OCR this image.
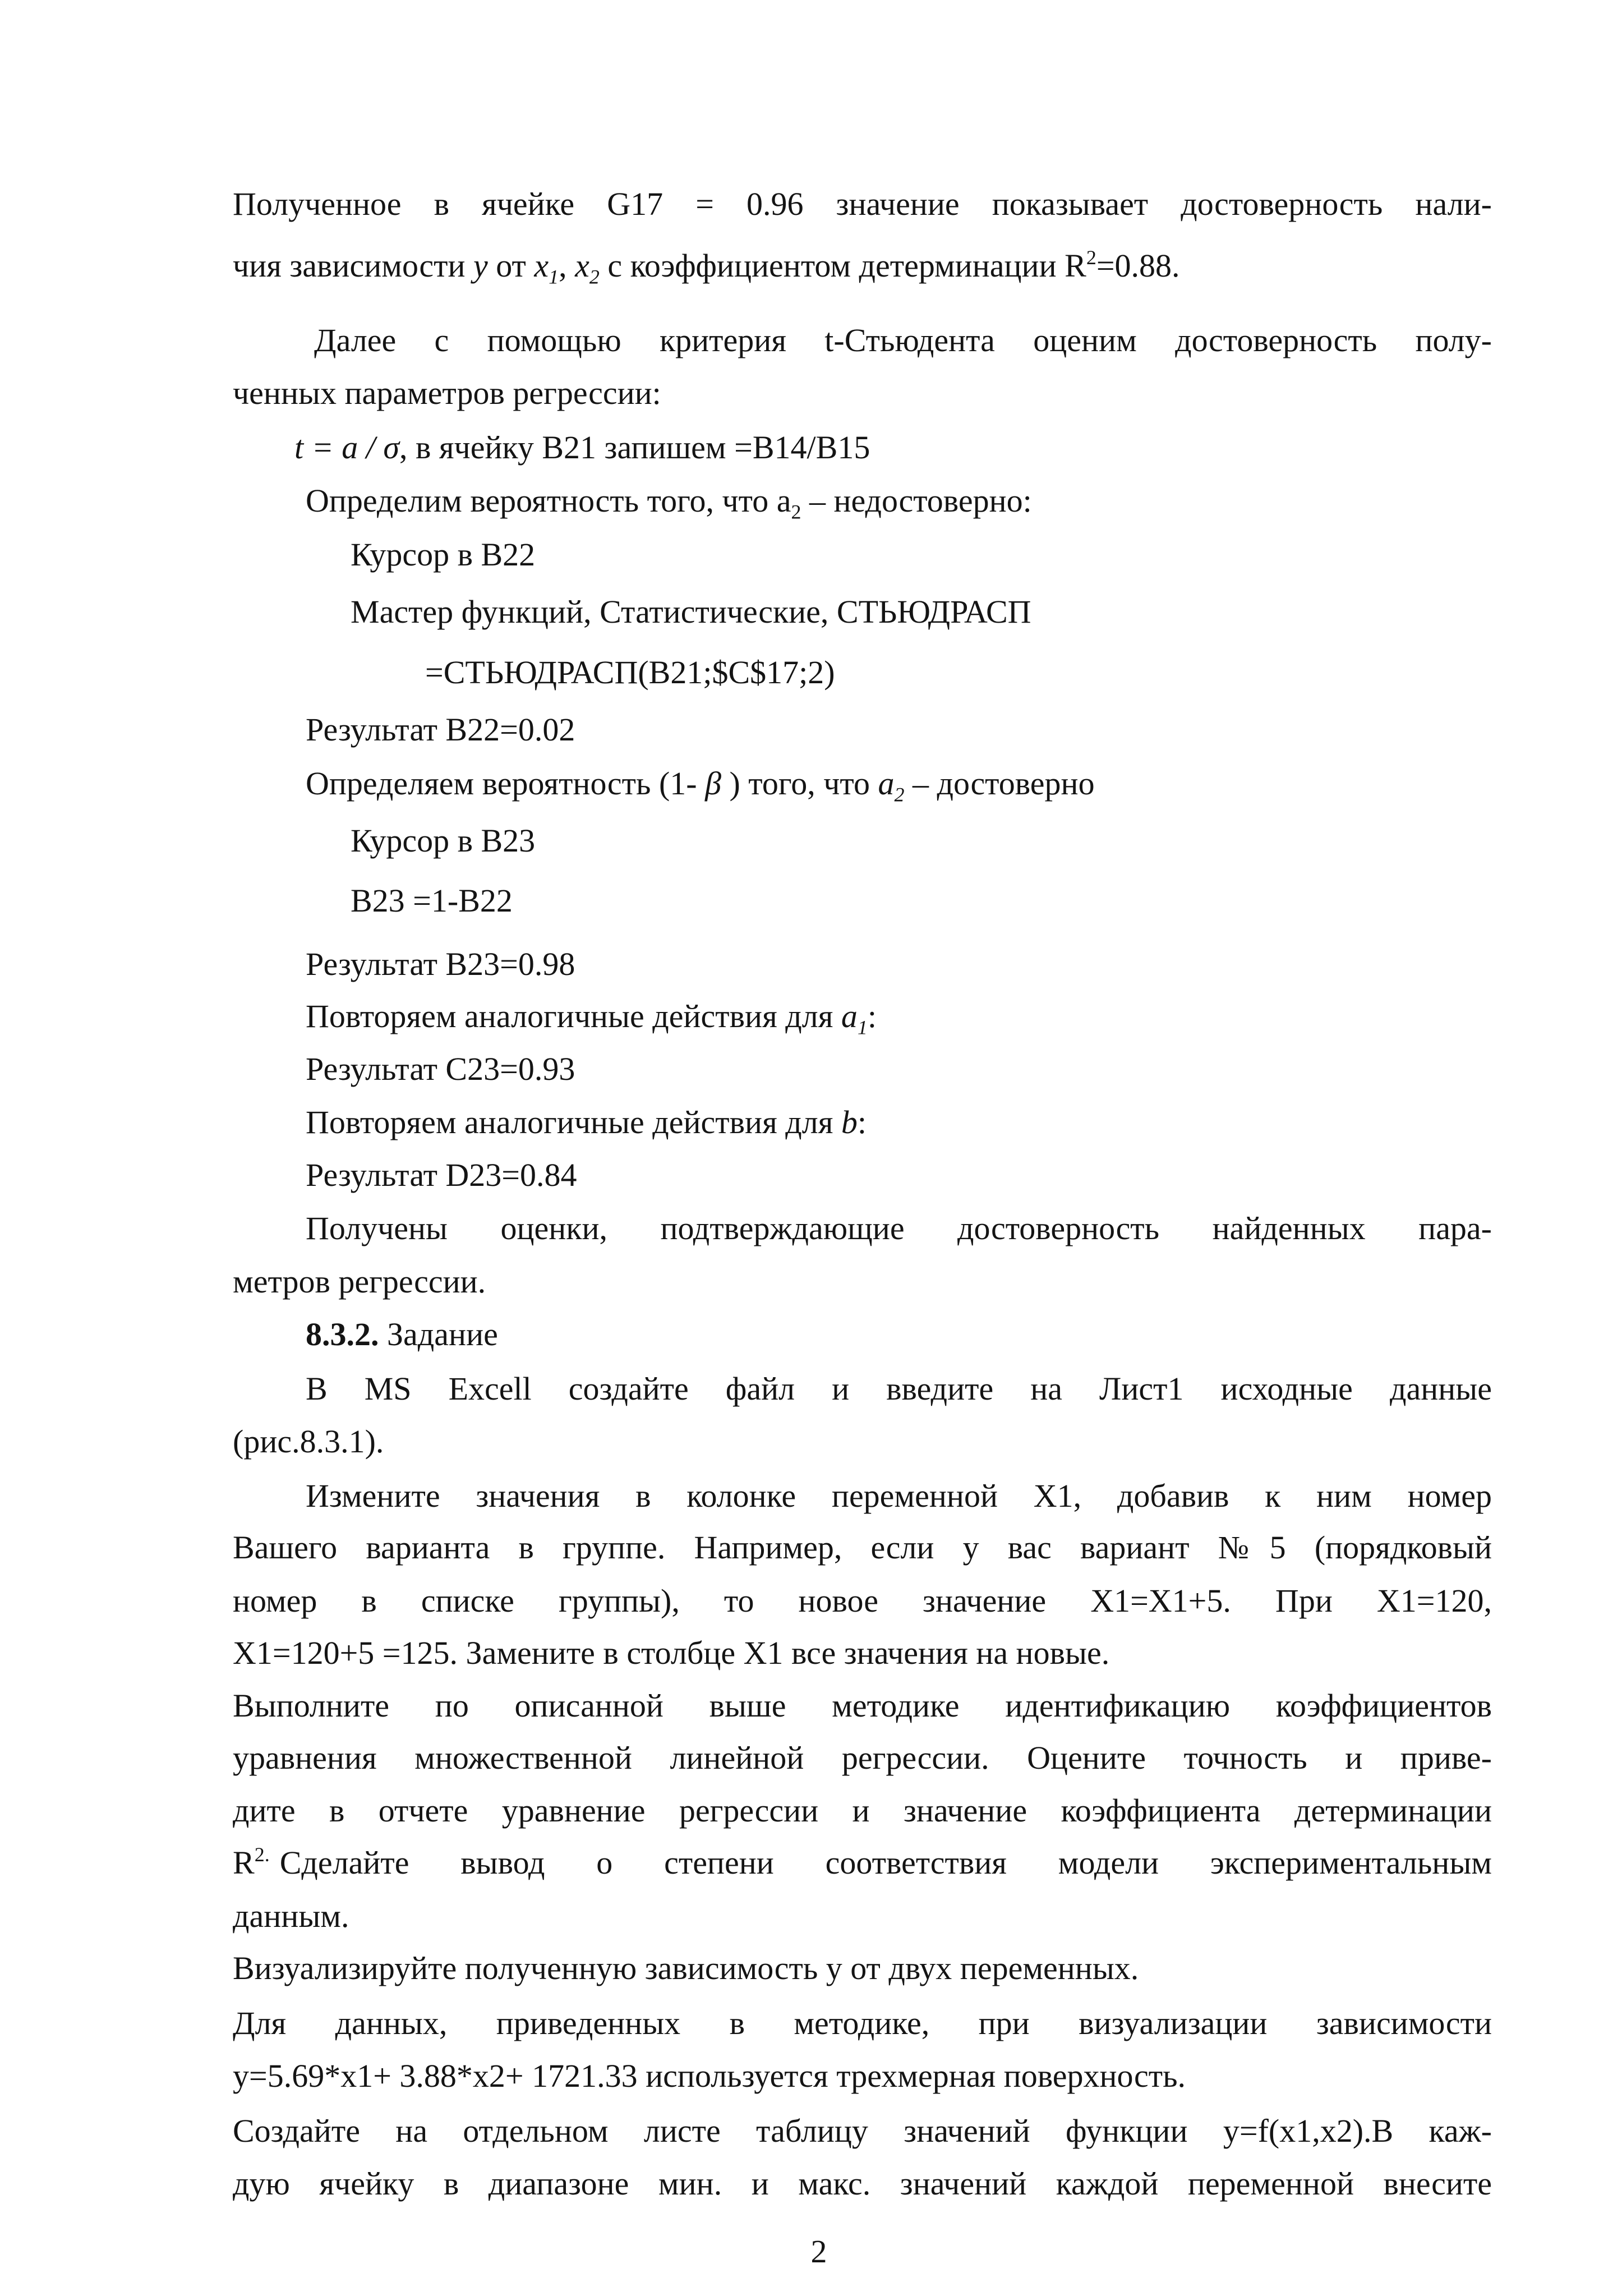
Полученное в ячейке G17 = 0.96 значение показывает достоверность нали-

чия зависимости y от $x_1$, $x_2$ с коэффициентом детерминации $R^2=0.88$.

Далее с помощью критерия t-Стьюдента оценим достоверность полу-

ченных параметров регрессии:

t = a / σ, в ячейку B21 запишем =B14/B15

Определим вероятность того, что $a_2$ – недостоверно:

Курсор в B22

Мастер функций, Статистические, СТЬЮДРАСП

=СТЬЮДРАСП(B21;$C$17;2)

Результат B22=0.02

Определяем вероятность (1- β ) того, что $a_2$ – достоверно

Курсор в B23

B23 =1-B22

Результат B23=0.98

Повторяем аналогичные действия для $a_1$:

Результат C23=0.93

Повторяем аналогичные действия для b:

Результат D23=0.84

Получены оценки, подтверждающие достоверность найденных пара-

метров регрессии.

8.3.2. Задание

В MS Excell создайте файл и введите на Лист1 исходные данные

(рис.8.3.1).

Измените значения в колонке переменной X1, добавив к ним номер

Вашего варианта в группе. Например, если у вас вариант №5 (порядковый

номер в списке группы), то новое значение X1=X1+5. При X1=120,

X1=120+5 =125. Замените в столбце X1 все значения на новые.

Выполните по описанной выше методике идентификацию коэффициентов

уравнения множественной линейной регрессии. Оцените точность и приве-

дите в отчете уравнение регрессии и значение коэффициента детерминации

$R^{2.}$ Сделайте вывод о степени соответствия модели экспериментальным

данным.

Визуализируйте полученную зависимость y от двух переменных.

Для данных, приведенных в методике, при визуализации зависимости

y=5.69*x1+ 3.88*x2+ 1721.33 используется трехмерная поверхность.

Создайте на отдельном листе таблицу значений функции y=f(x1,x2).В каж-

дую ячейку в диапазоне мин. и макс. значений каждой переменной внесите

2
